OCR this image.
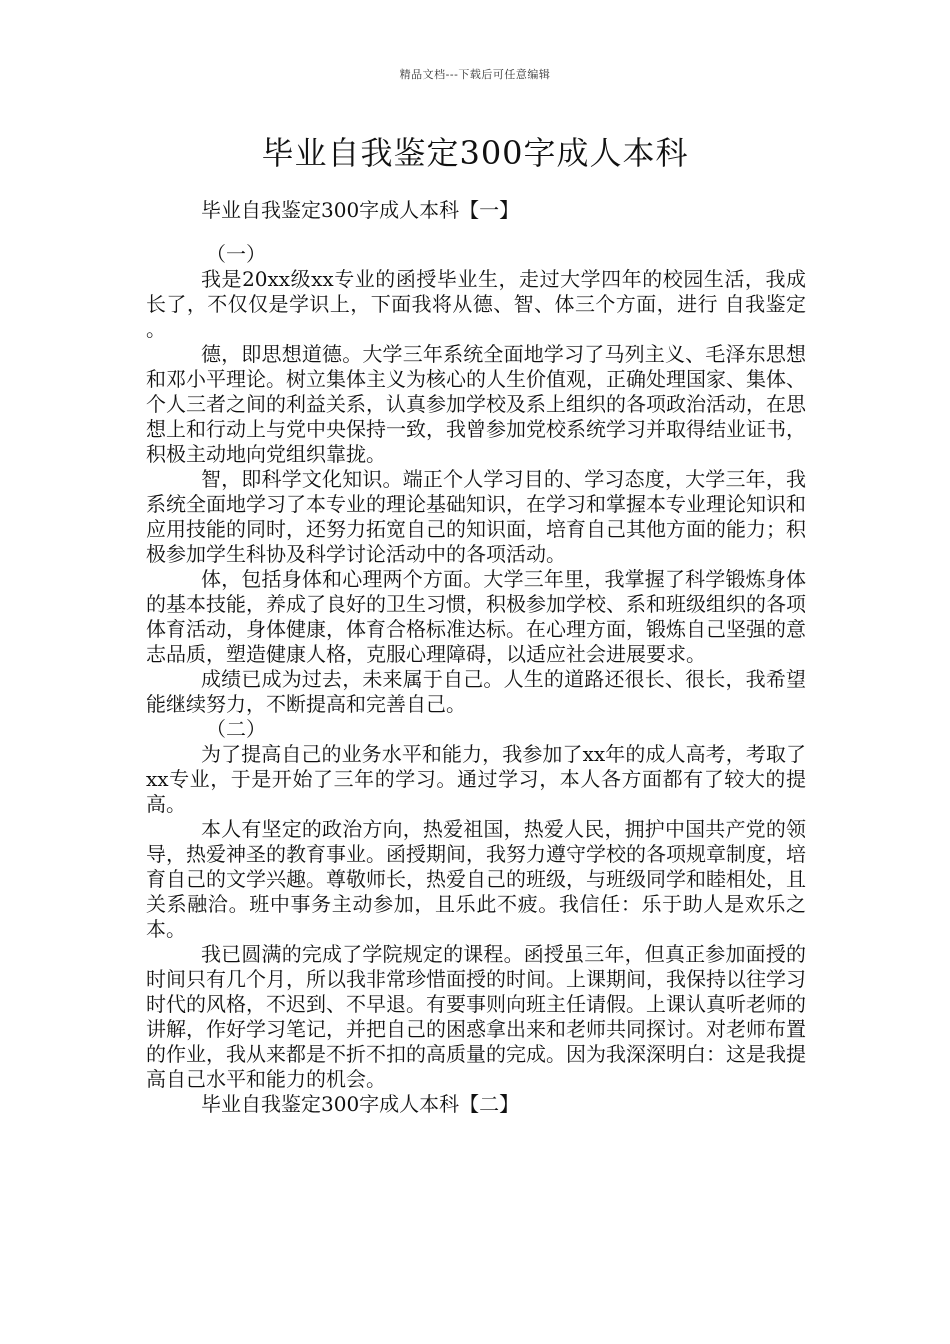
精品文档---下载后可任意编辑
毕业自我鉴定300字成人本科

毕业自我鉴定300字成人本科【一】

（一）

我是20xx级xx专业的函授毕业生，走过大学四年的校园生活，我成长了，不仅仅是学识上，下面我将从德、智、体三个方面，进行 自我鉴定 。

德，即思想道德。大学三年系统全面地学习了马列主义、毛泽东思想和邓小平理论。树立集体主义为核心的人生价值观，正确处理国家、集体、个人三者之间的利益关系，认真参加学校及系上组织的各项政治活动，在思想上和行动上与党中央保持一致，我曾参加党校系统学习并取得结业证书，积极主动地向党组织靠拢。

智，即科学文化知识。端正个人学习目的、学习态度，大学三年，我系统全面地学习了本专业的理论基础知识，在学习和掌握本专业理论知识和应用技能的同时，还努力拓宽自己的知识面，培育自己其他方面的能力；积极参加学生科协及科学讨论活动中的各项活动。

体，包括身体和心理两个方面。大学三年里，我掌握了科学锻炼身体的基本技能，养成了良好的卫生习惯，积极参加学校、系和班级组织的各项体育活动，身体健康，体育合格标准达标。在心理方面，锻炼自己坚强的意志品质，塑造健康人格，克服心理障碍，以适应社会进展要求。

成绩已成为过去，未来属于自己。人生的道路还很长、很长，我希望能继续努力，不断提高和完善自己。

（二）

为了提高自己的业务水平和能力，我参加了xx年的成人高考，考取了xx专业，于是开始了三年的学习。通过学习，本人各方面都有了较大的提高。

本人有坚定的政治方向，热爱祖国，热爱人民，拥护中国共产党的领导，热爱神圣的教育事业。函授期间，我努力遵守学校的各项规章制度，培育自己的文学兴趣。尊敬师长，热爱自己的班级，与班级同学和睦相处，且关系融洽。班中事务主动参加，且乐此不疲。我信任：乐于助人是欢乐之本。

我已圆满的完成了学院规定的课程。函授虽三年，但真正参加面授的时间只有几个月，所以我非常珍惜面授的时间。上课期间，我保持以往学习时代的风格，不迟到、不早退。有要事则向班主任请假。上课认真听老师的讲解，作好学习笔记，并把自己的困惑拿出来和老师共同探讨。对老师布置的作业，我从来都是不折不扣的高质量的完成。因为我深深明白：这是我提高自己水平和能力的机会。

毕业自我鉴定300字成人本科【二】
